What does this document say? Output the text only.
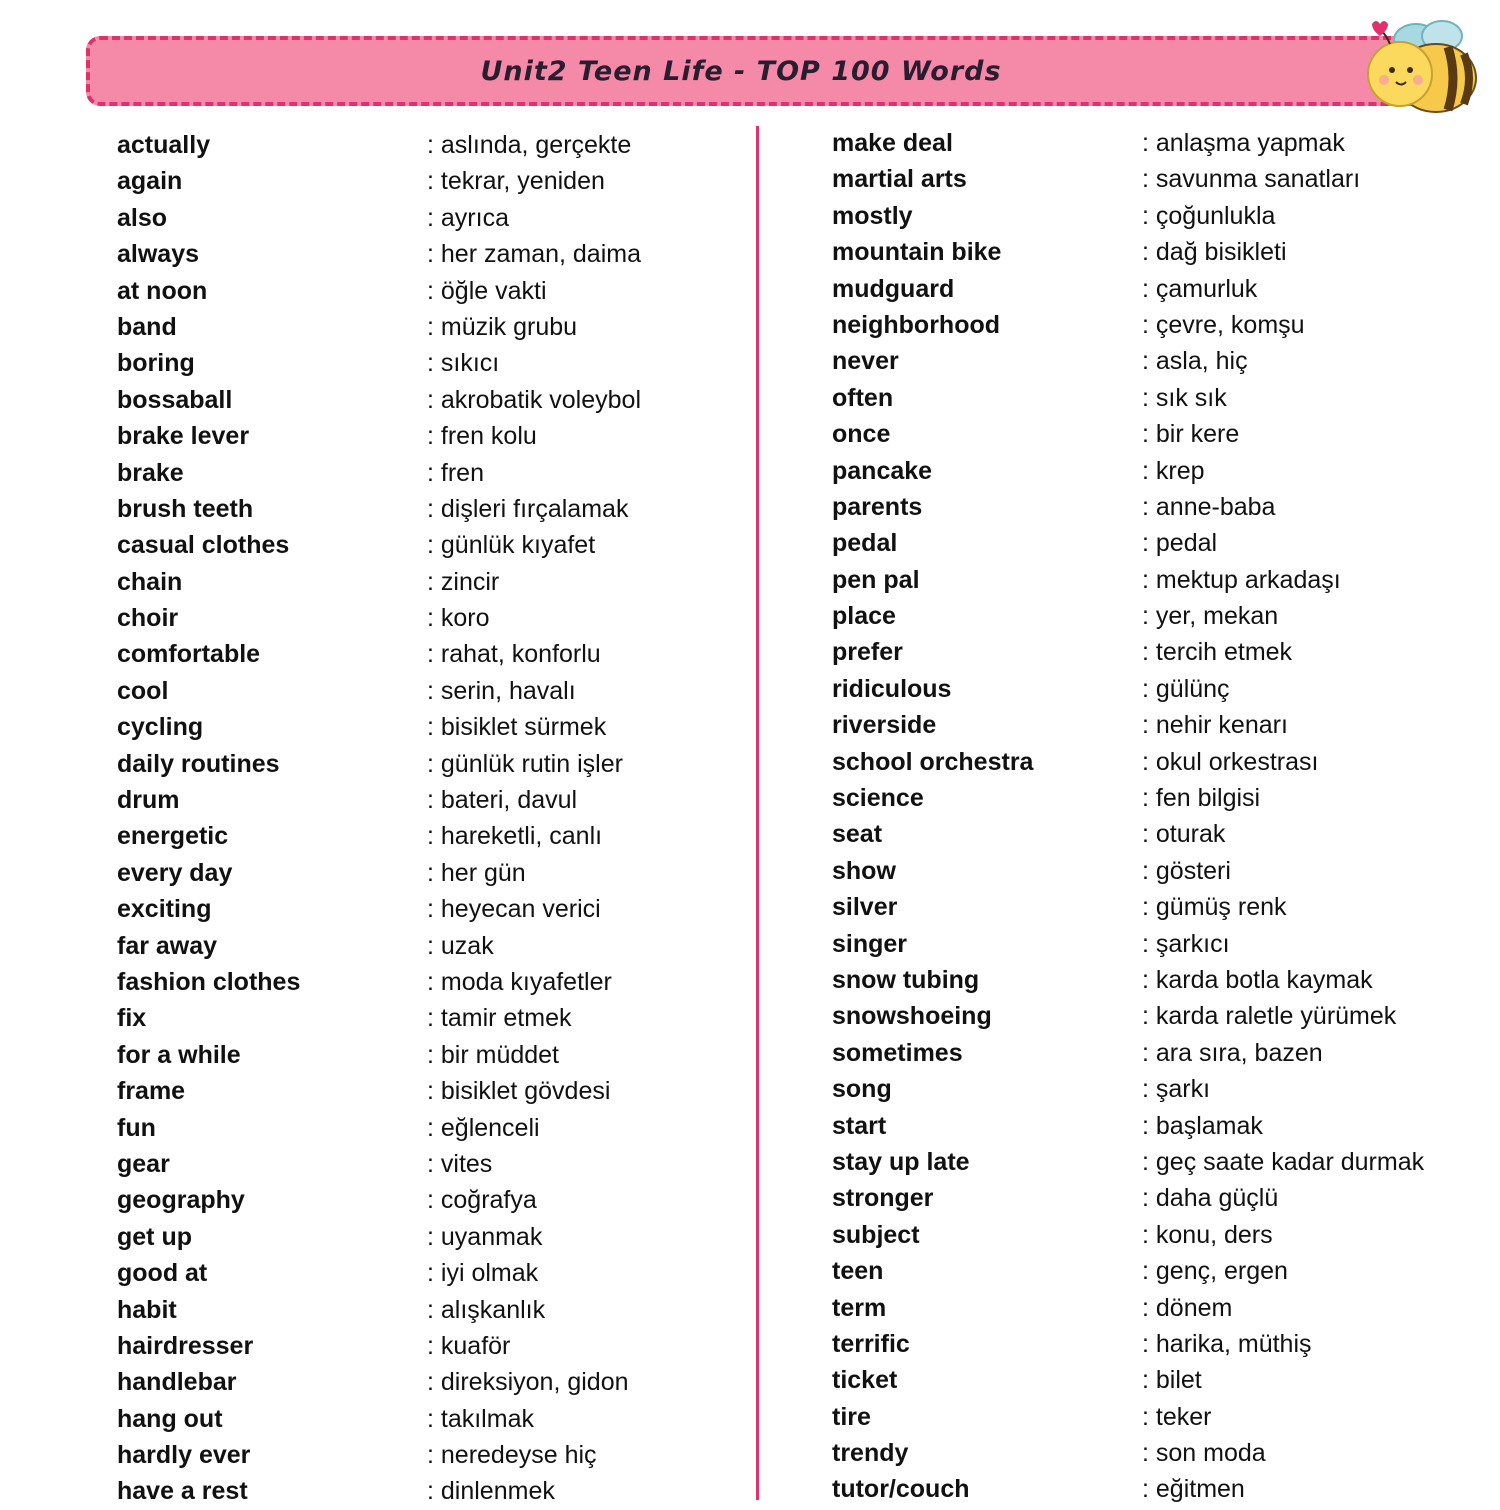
Unit2 Teen Life - TOP 100 Words
actually	: aslında, gerçekte
again	: tekrar, yeniden
also	: ayrıca
always	: her zaman, daima
at noon	: öğle vakti
band	: müzik grubu
boring	: sıkıcı
bossaball	: akrobatik voleybol
brake lever	: fren kolu
brake	: fren
brush teeth	: dişleri fırçalamak
casual clothes	: günlük kıyafet
chain	: zincir
choir	: koro
comfortable	: rahat, konforlu
cool	: serin, havalı
cycling	: bisiklet sürmek
daily routines	: günlük rutin işler
drum	: bateri, davul
energetic	: hareketli, canlı
every day	: her gün
exciting	: heyecan verici
far away	: uzak
fashion clothes	: moda kıyafetler
fix	: tamir etmek
for a while	: bir müddet
frame	: bisiklet gövdesi
fun	: eğlenceli
gear	: vites
geography	: coğrafya
get up	: uyanmak
good at	: iyi olmak
habit	: alışkanlık
hairdresser	: kuaför
handlebar	: direksiyon, gidon
hang out	: takılmak
hardly ever	: neredeyse hiç
have a rest	: dinlenmek
make deal	: anlaşma yapmak
martial arts	: savunma sanatları
mostly	: çoğunlukla
mountain bike	: dağ bisikleti
mudguard	: çamurluk
neighborhood	: çevre, komşu
never	: asla, hiç
often	: sık sık
once	: bir kere
pancake	: krep
parents	: anne-baba
pedal	: pedal
pen pal	: mektup arkadaşı
place	: yer, mekan
prefer	: tercih etmek
ridiculous	: gülünç
riverside	: nehir kenarı
school orchestra	: okul orkestrası
science	: fen bilgisi
seat	: oturak
show	: gösteri
silver	: gümüş renk
singer	: şarkıcı
snow tubing	: karda botla kaymak
snowshoeing	: karda raletle yürümek
sometimes	: ara sıra, bazen
song	: şarkı
start	: başlamak
stay up late	: geç saate kadar durmak
stronger	: daha güçlü
subject	: konu, ders
teen	: genç, ergen
term	: dönem
terrific	: harika, müthiş
ticket	: bilet
tire	: teker
trendy	: son moda
tutor/couch	: eğitmen
